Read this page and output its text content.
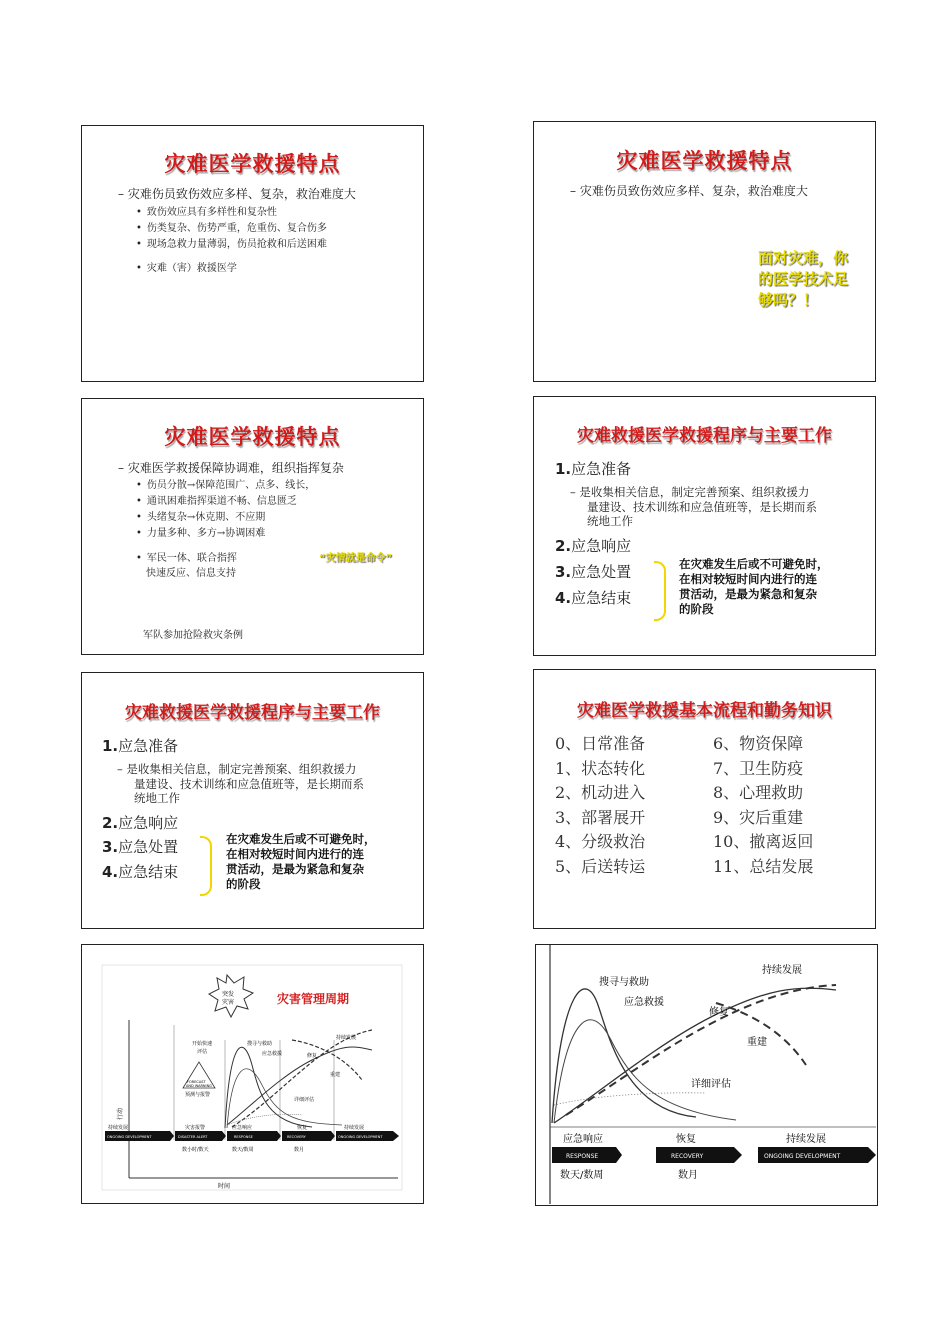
灾难医学救援特点
– 灾难伤员致伤效应多样、复杂，救治难度大
• 致伤效应具有多样性和复杂性
• 伤类复杂、伤势严重，危重伤、复合伤多
• 现场急救力量薄弱，伤员抢救和后送困难
• 灾难（害）救援医学
灾难医学救援特点
– 灾难伤员致伤效应多样、复杂，救治难度大
面对灾难，你
的医学技术足
够吗？！
灾难医学救援特点
– 灾难医学救援保障协调难，组织指挥复杂
• 伤员分散→保障范围广、点多、线长，
• 通讯困难指挥渠道不畅、信息匮乏
• 头绪复杂→休克期、不应期
• 力量多种、多方→协调困难
• 军民一体、联合指挥
快速反应、信息支持
“灾情就是命令”
军队参加抢险救灾条例
灾难救援医学救援程序与主要工作
1.应急准备
– 是收集相关信息，制定完善预案、组织救援力
量建设、技术训练和应急值班等，是长期而系
统地工作
2.应急响应
3.应急处置
4.应急结束
在灾难发生后或不可避免时，
在相对较短时间内进行的连
贯活动，是最为紧急和复杂
的阶段
灾难救援医学救援程序与主要工作
1.应急准备
– 是收集相关信息，制定完善预案、组织救援力
量建设、技术训练和应急值班等，是长期而系
统地工作
2.应急响应
3.应急处置
4.应急结束
在灾难发生后或不可避免时，
在相对较短时间内进行的连
贯活动，是最为紧急和复杂
的阶段
灾难医学救援基本流程和勤务知识
0、日常准备
1、状态转化
2、机动进入
3、部署展开
4、分级救治
5、后送转运
6、物资保障
7、卫生防疫
8、心理救助
9、灾后重建
10、撤离返回
11、总结发展
行动
时间
突发
灾害	灾害管理周期
FORECAST
AND WARNING
预测与报警
开始快速
评估
搜寻与救助
应急救援	修复
持续发展
重建
详细评估
持续发展
ONGOING DEVELOPMENT
灾害报警
DISASTER ALERT
数小时/数天
应急响应
RESPONSE
数天/数周
恢复
RECOVERY
数月
持续发展
ONGOING DEVELOPMENT
搜寻与救助
应急救援
修复
持续发展
重建
详细评估
应急响应
RESPONSE
数天/数周
恢复
RECOVERY
数月
持续发展
ONGOING DEVELOPMENT
